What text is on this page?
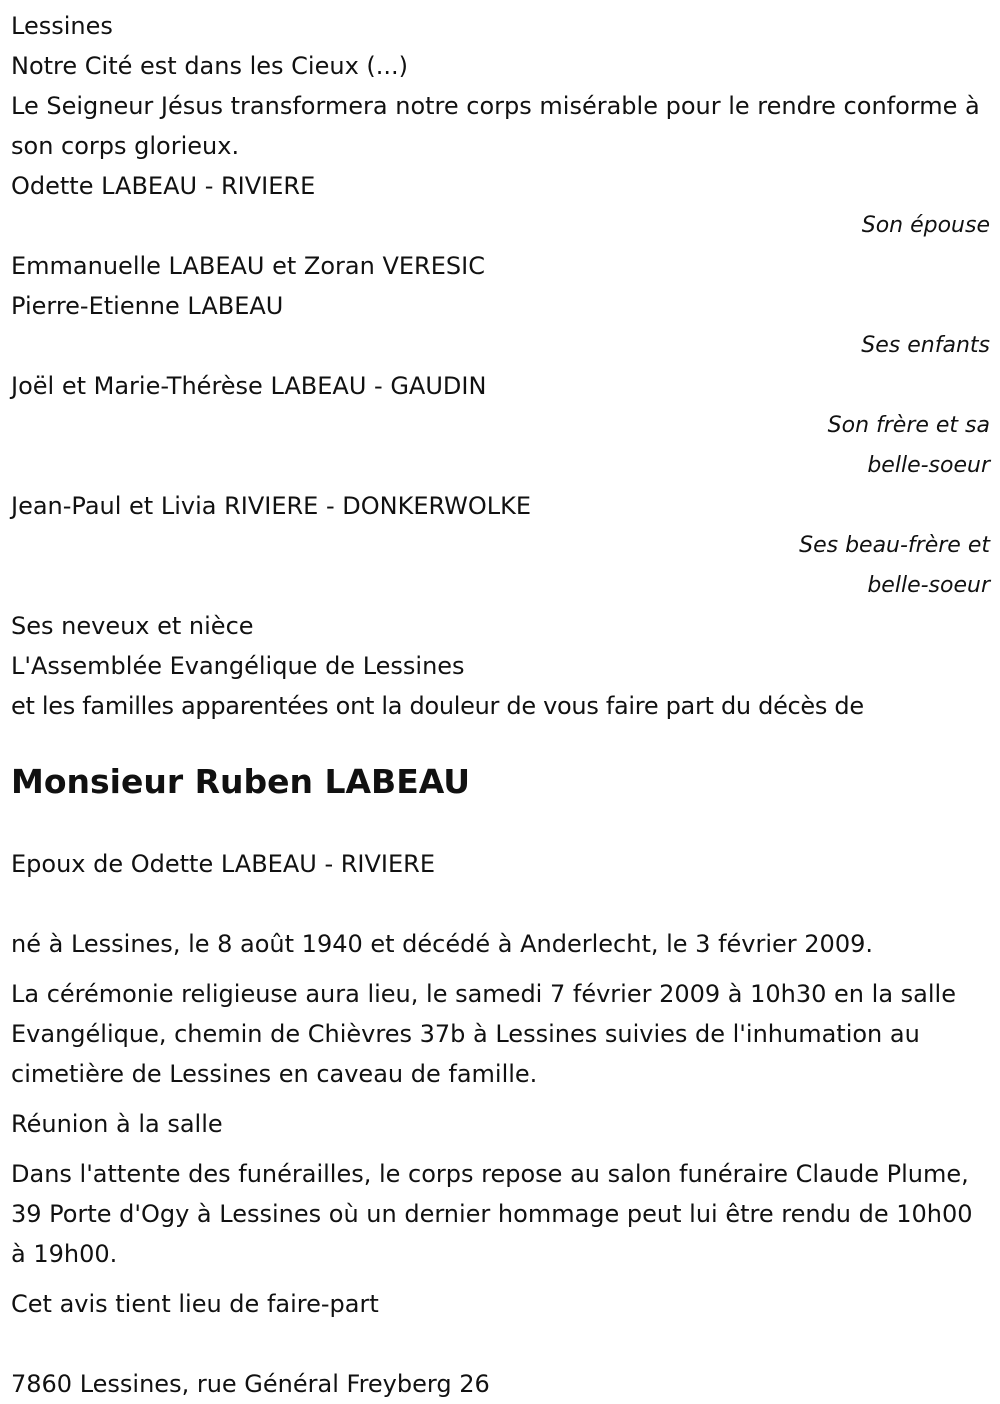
Lessines

Notre Cité est dans les Cieux (...)

Le Seigneur Jésus transformera notre corps misérable pour le rendre conforme à son corps glorieux.

Odette LABEAU - RIVIERE

Son épouse

Emmanuelle LABEAU et Zoran VERESIC

Pierre-Etienne LABEAU

Ses enfants

Joël et Marie-Thérèse LABEAU - GAUDIN

Son frère et sa

belle-soeur

Jean-Paul et Livia RIVIERE - DONKERWOLKE

Ses beau-frère et

belle-soeur

Ses neveux et nièce

L'Assemblée Evangélique de Lessines

et les familles apparentées ont la douleur de vous faire part du décès de

Monsieur Ruben LABEAU

Epoux de Odette LABEAU - RIVIERE

né à Lessines, le 8 août 1940 et décédé à Anderlecht, le 3 février 2009.

La cérémonie religieuse aura lieu, le samedi 7 février 2009 à 10h30 en la salle Evangélique, chemin de Chièvres 37b à Lessines suivies de l'inhumation au cimetière de Lessines en caveau de famille.

Réunion à la salle

Dans l'attente des funérailles, le corps repose au salon funéraire Claude Plume, 39 Porte d'Ogy à Lessines où un dernier hommage peut lui être rendu de 10h00 à 19h00.

Cet avis tient lieu de faire-part

7860 Lessines, rue Général Freyberg 26
